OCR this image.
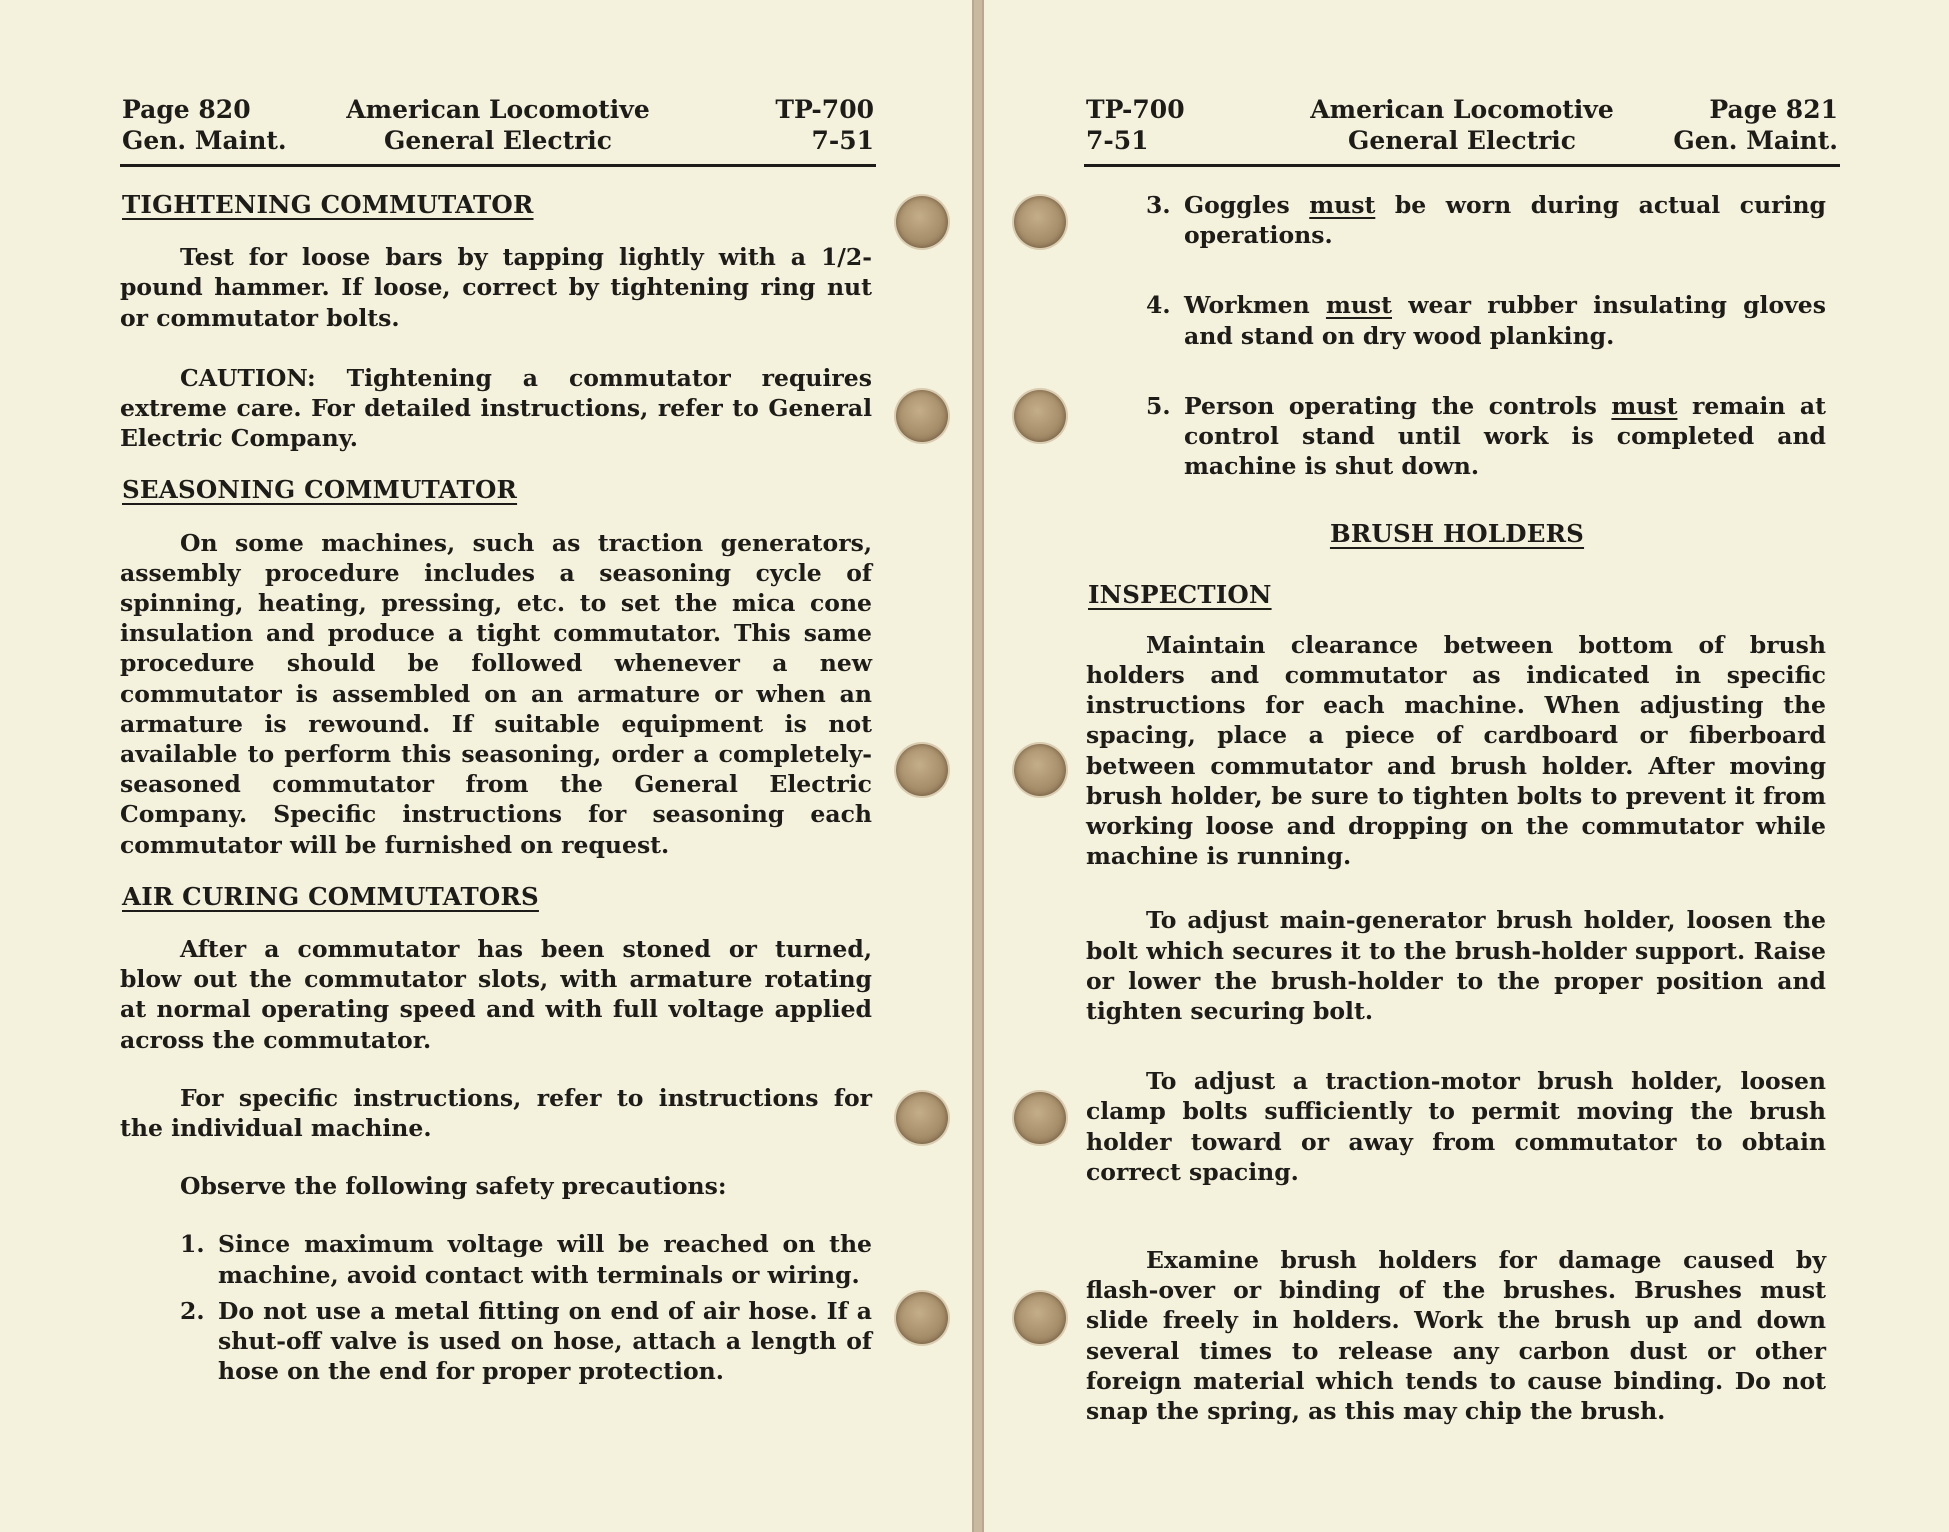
Page 820
Gen. Maint.
American Locomotive
General Electric
TP-700
7-51
TIGHTENING COMMUTATOR

Test for loose bars by tapping lightly with a 1/2-pound hammer. If loose, correct by tightening ring nut or commutator bolts.

CAUTION: Tightening a commutator requires extreme care. For detailed instructions, refer to General Electric Company.

SEASONING COMMUTATOR

On some machines, such as traction generators, assembly procedure includes a seasoning cycle of spinning, heating, pressing, etc. to set the mica cone insulation and produce a tight commutator. This same procedure should be followed whenever a new commutator is assembled on an armature or when an armature is rewound. If suitable equipment is not available to perform this seasoning, order a completely-seasoned commutator from the General Electric Company. Specific instructions for seasoning each commutator will be furnished on request.

AIR CURING COMMUTATORS

After a commutator has been stoned or turned, blow out the commutator slots, with armature rotating at normal operating speed and with full voltage applied across the commutator.

For specific instructions, refer to instructions for the individual machine.

Observe the following safety precautions:

1. Since maximum voltage will be reached on the machine, avoid contact with terminals or wiring.

2. Do not use a metal fitting on end of air hose. If a shut-off valve is used on hose, attach a length of hose on the end for proper protection.

TP-700
7-51
American Locomotive
General Electric
Page 821
Gen. Maint.

3. Goggles must be worn during actual curing operations.

4. Workmen must wear rubber insulating gloves and stand on dry wood planking.

5. Person operating the controls must remain at control stand until work is completed and machine is shut down.

BRUSH HOLDERS
INSPECTION

Maintain clearance between bottom of brush holders and commutator as indicated in specific instructions for each machine. When adjusting the spacing, place a piece of cardboard or fiberboard between commutator and brush holder. After moving brush holder, be sure to tighten bolts to prevent it from working loose and dropping on the commutator while machine is running.

To adjust main-generator brush holder, loosen the bolt which secures it to the brush-holder support. Raise or lower the brush-holder to the proper position and tighten securing bolt.

To adjust a traction-motor brush holder, loosen clamp bolts sufficiently to permit moving the brush holder toward or away from commutator to obtain correct spacing.

Examine brush holders for damage caused by flash-over or binding of the brushes. Brushes must slide freely in holders. Work the brush up and down several times to release any carbon dust or other foreign material which tends to cause binding. Do not snap the spring, as this may chip the brush.
